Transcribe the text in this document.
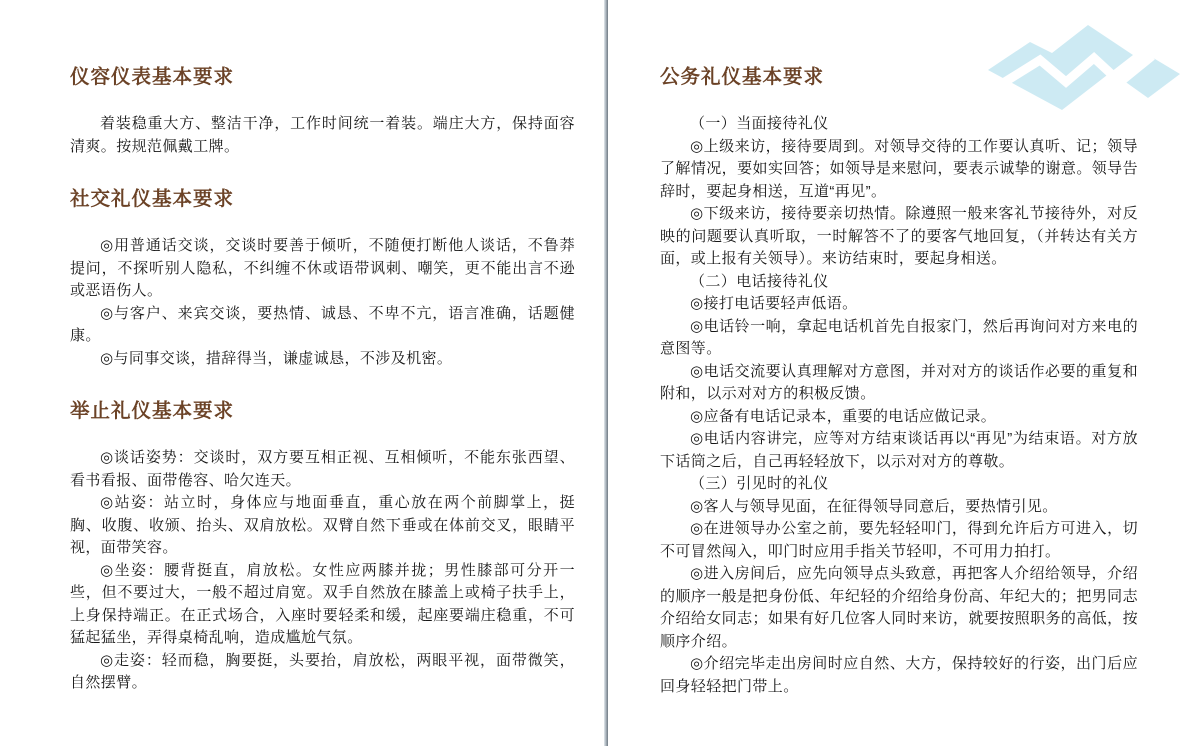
仪容仪表基本要求

着装稳重大方、整洁干净，工作时间统一着装。端庄大方，保持面容清爽。按规范佩戴工牌。

社交礼仪基本要求

◎用普通话交谈，交谈时要善于倾听，不随便打断他人谈话，不鲁莽提问，不探听别人隐私，不纠缠不休或语带讽刺、嘲笑，更不能出言不逊或恶语伤人。

◎与客户、来宾交谈，要热情、诚恳、不卑不亢，语言准确，话题健康。

◎与同事交谈，措辞得当，谦虚诚恳，不涉及机密。

举止礼仪基本要求

◎谈话姿势：交谈时，双方要互相正视、互相倾听，不能东张西望、看书看报、面带倦容、哈欠连天。

◎站姿：站立时，身体应与地面垂直，重心放在两个前脚掌上，挺胸、收腹、收颁、抬头、双肩放松。双臂自然下垂或在体前交叉，眼睛平视，面带笑容。

◎坐姿：腰背挺直，肩放松。女性应两膝并拢；男性膝部可分开一些，但不要过大，一般不超过肩宽。双手自然放在膝盖上或椅子扶手上，上身保持端正。在正式场合，入座时要轻柔和缓，起座要端庄稳重，不可猛起猛坐，弄得桌椅乱响，造成尴尬气氛。

◎走姿：轻而稳，胸要挺，头要抬，肩放松，两眼平视，面带微笑，自然摆臂。

公务礼仪基本要求

（一）当面接待礼仪

◎上级来访，接待要周到。对领导交待的工作要认真听、记；领导了解情况，要如实回答；如领导是来慰问，要表示诚挚的谢意。领导告辞时，要起身相送，互道“再见”。

◎下级来访，接待要亲切热情。除遵照一般来客礼节接待外，对反映的问题要认真听取，一时解答不了的要客气地回复，（并转达有关方面，或上报有关领导）。来访结束时，要起身相送。

（二）电话接待礼仪

◎接打电话要轻声低语。

◎电话铃一响，拿起电话机首先自报家门，然后再询问对方来电的意图等。

◎电话交流要认真理解对方意图，并对对方的谈话作必要的重复和附和，以示对对方的积极反馈。

◎应备有电话记录本，重要的电话应做记录。

◎电话内容讲完，应等对方结束谈话再以“再见”为结束语。对方放下话筒之后，自己再轻轻放下，以示对对方的尊敬。

（三）引见时的礼仪

◎客人与领导见面，在征得领导同意后，要热情引见。

◎在进领导办公室之前，要先轻轻叩门，得到允许后方可进入，切不可冒然闯入，叩门时应用手指关节轻叩，不可用力拍打。

◎进入房间后，应先向领导点头致意，再把客人介绍给领导，介绍的顺序一般是把身份低、年纪轻的介绍给身份高、年纪大的；把男同志介绍给女同志；如果有好几位客人同时来访，就要按照职务的高低，按顺序介绍。

◎介绍完毕走出房间时应自然、大方，保持较好的行姿，出门后应回身轻轻把门带上。
